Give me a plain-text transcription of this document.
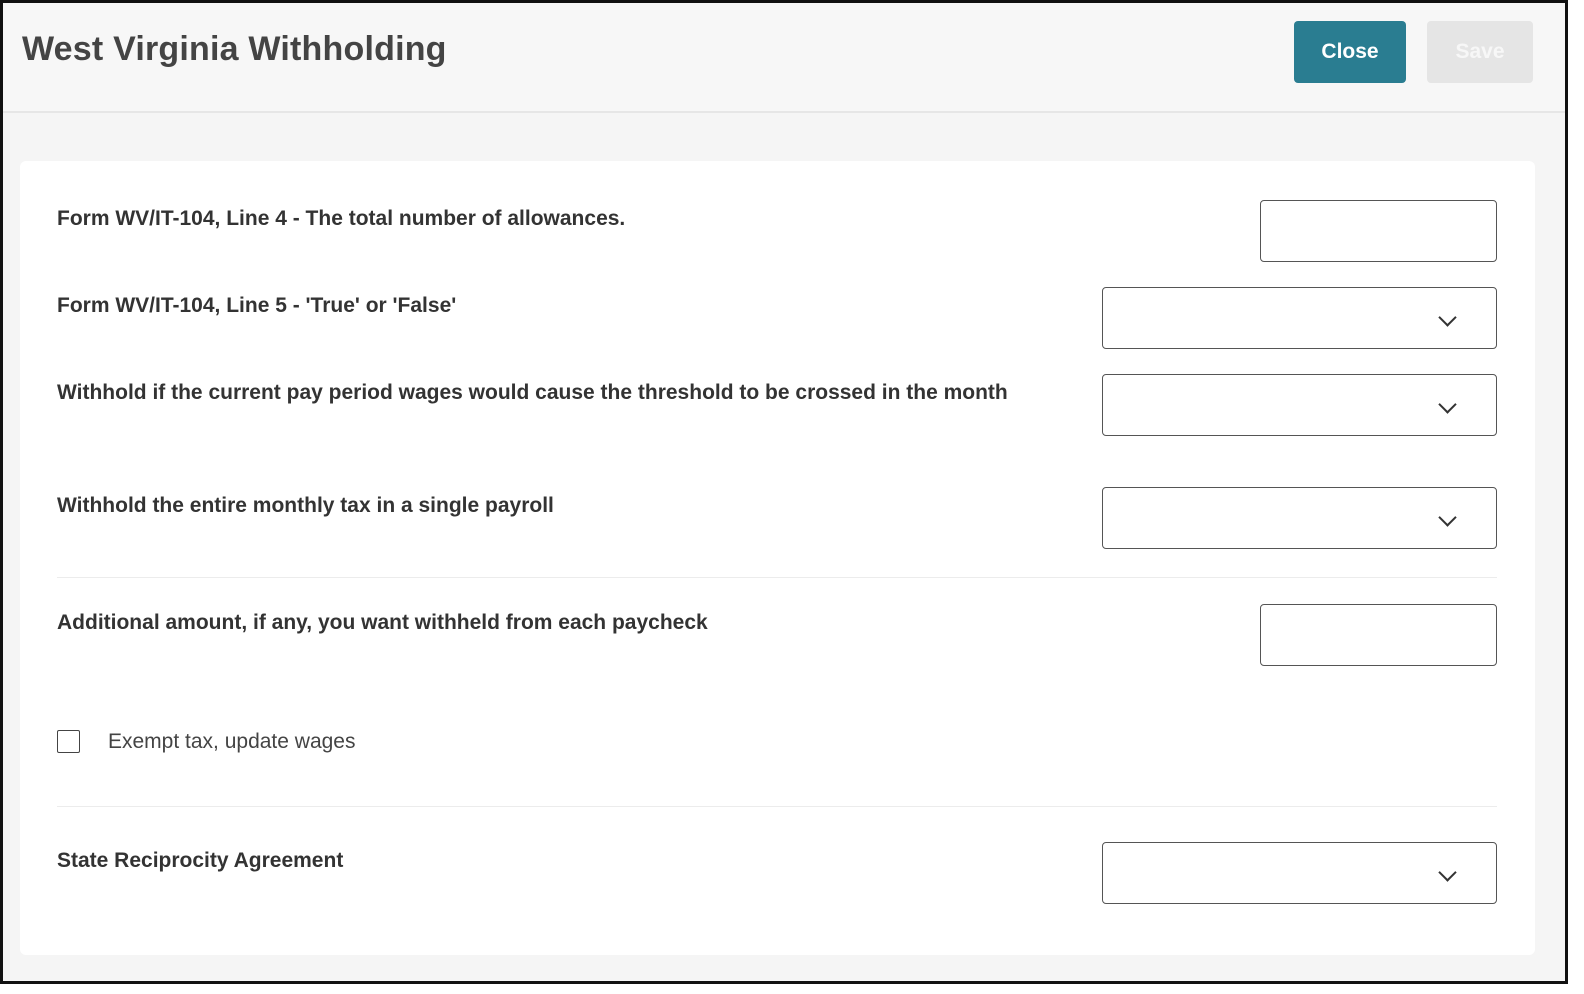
West Virginia Withholding	Close	Save

Form WV/IT-104, Line 4 - The total number of allowances.

Form WV/IT-104, Line 5 - 'True' or 'False'

Withhold if the current pay period wages would cause the threshold to be crossed in the month

Withhold the entire monthly tax in a single payroll

Additional amount, if any, you want withheld from each paycheck

Exempt tax, update wages

State Reciprocity Agreement
